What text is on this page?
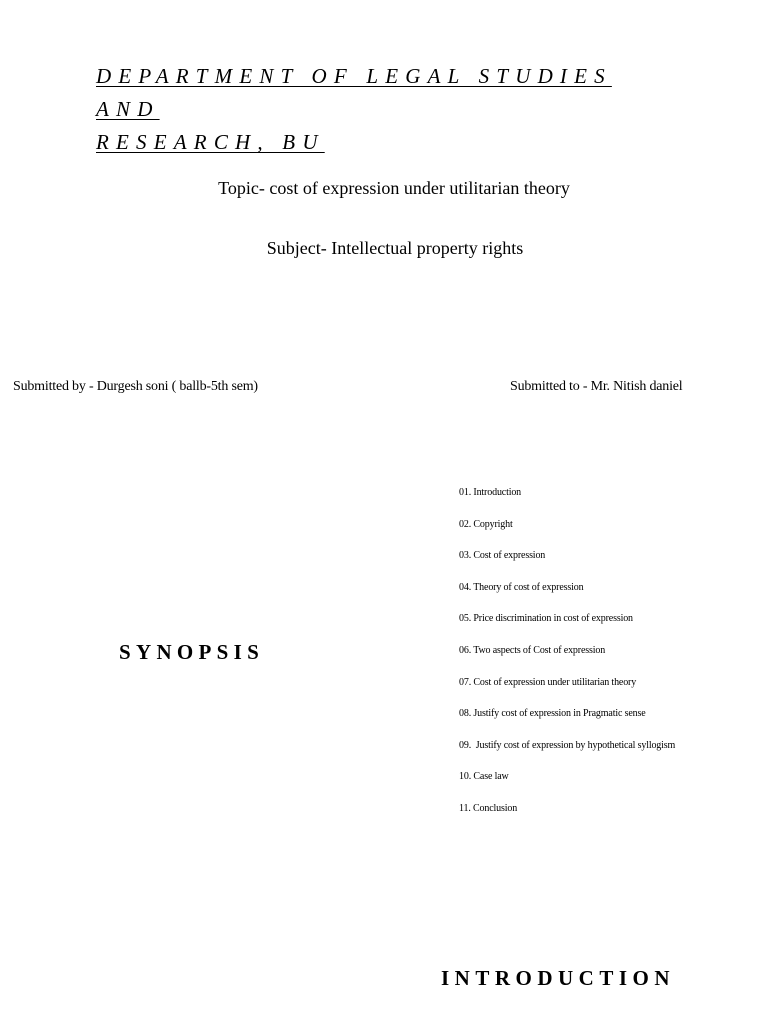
DEPARTMENT OF LEGAL STUDIES AND
RESEARCH, BU

Topic- cost of expression under utilitarian theory

Subject- Intellectual property rights

Submitted by - Durgesh soni ( ballb-5th sem)	Submitted to - Mr. Nitish daniel
SYNOPSIS
01. Introduction
02. Copyright
03. Cost of expression
04. Theory of cost of expression
05. Price discrimination in cost of expression
06. Two aspects of Cost of expression
07. Cost of expression under utilitarian theory
08. Justify cost of expression in Pragmatic sense
09.  Justify cost of expression by hypothetical syllogism
10. Case law
11. Conclusion
INTRODUCTION
